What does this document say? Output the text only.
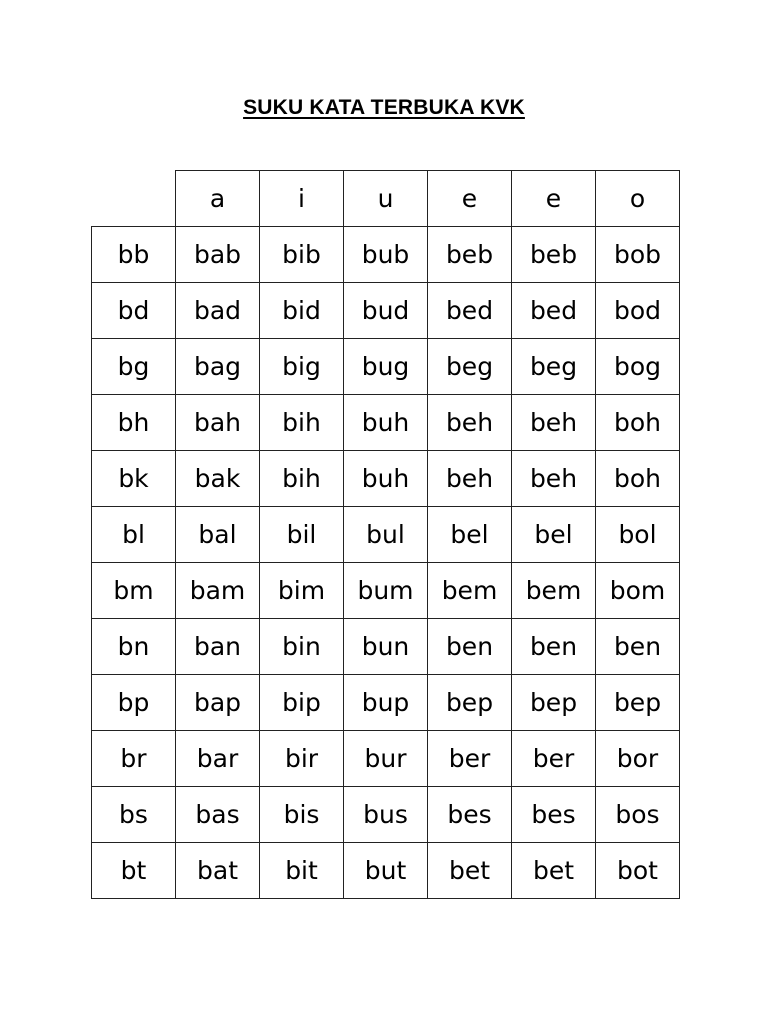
SUKU KATA TERBUKA KVK
	a	i	u	e	e	o
bb	bab	bib	bub	beb	beb	bob
bd	bad	bid	bud	bed	bed	bod
bg	bag	big	bug	beg	beg	bog
bh	bah	bih	buh	beh	beh	boh
bk	bak	bih	buh	beh	beh	boh
bl	bal	bil	bul	bel	bel	bol
bm	bam	bim	bum	bem	bem	bom
bn	ban	bin	bun	ben	ben	ben
bp	bap	bip	bup	bep	bep	bep
br	bar	bir	bur	ber	ber	bor
bs	bas	bis	bus	bes	bes	bos
bt	bat	bit	but	bet	bet	bot
